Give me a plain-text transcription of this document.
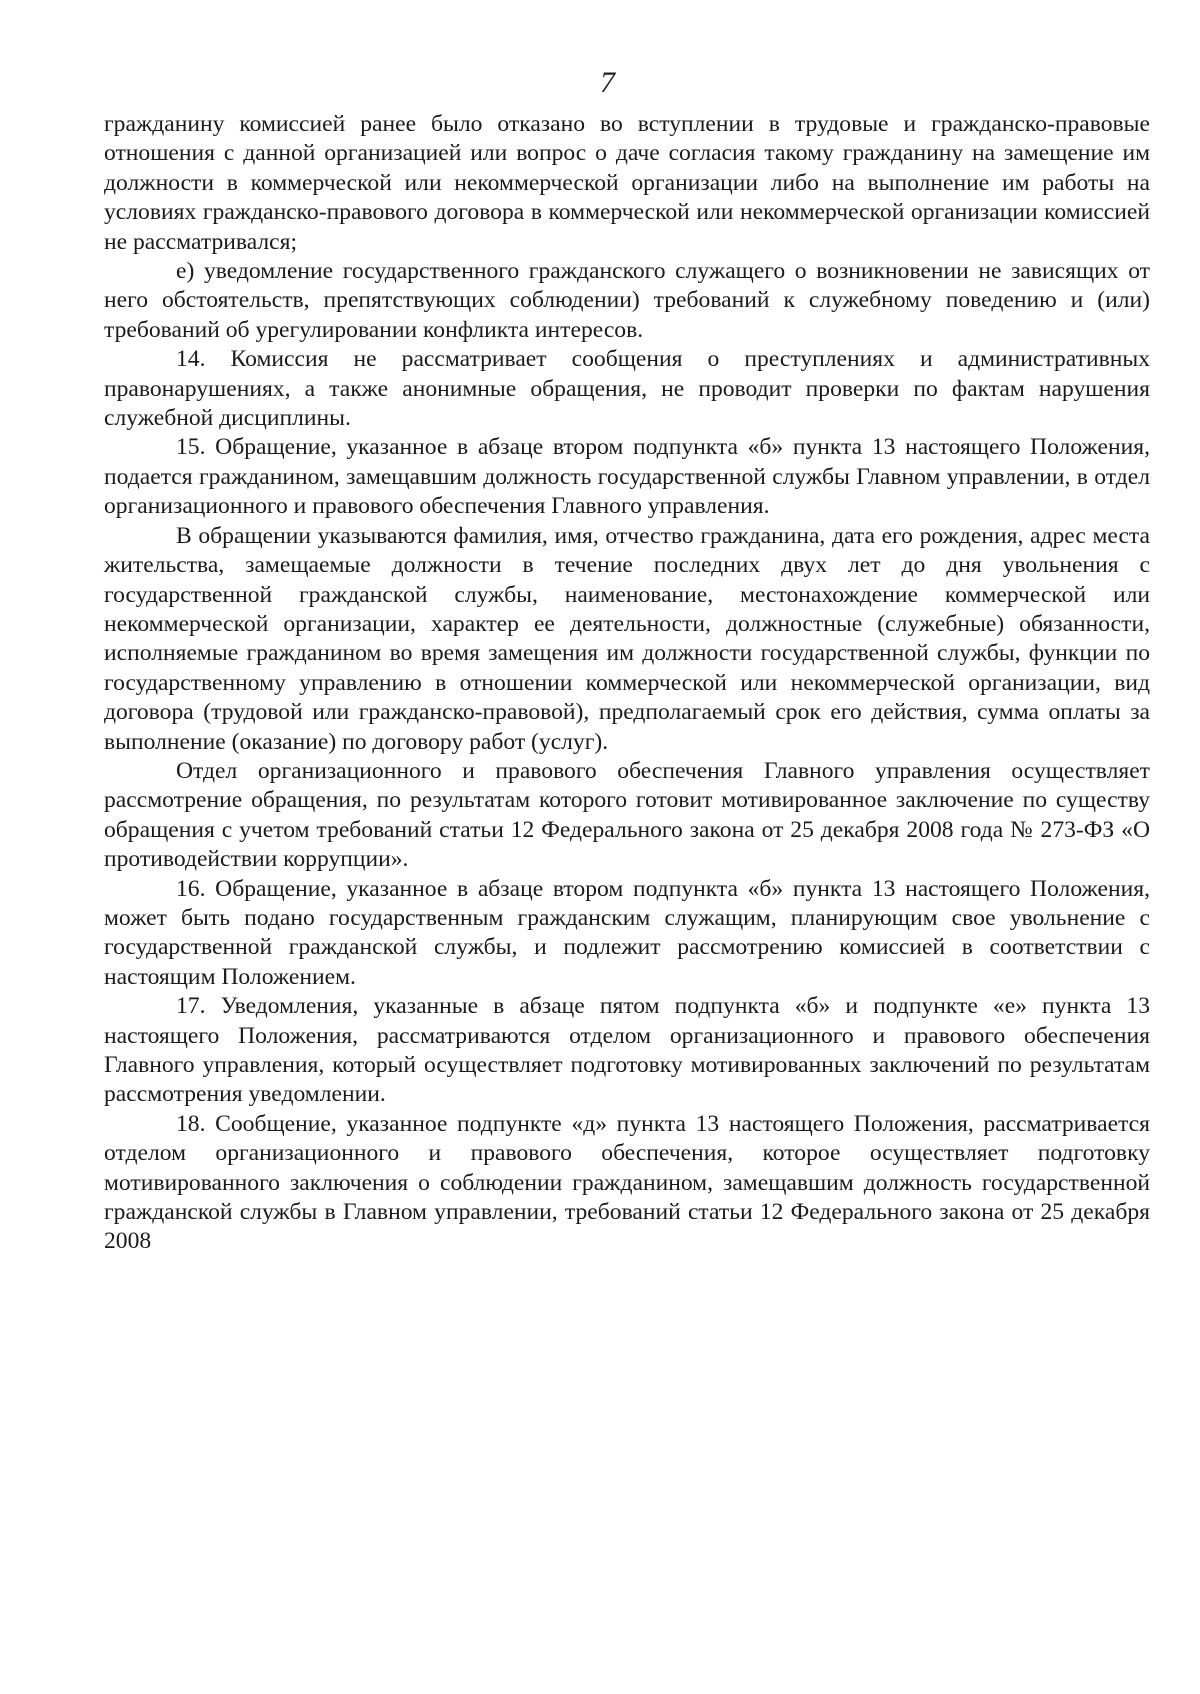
7

гражданину комиссией ранее было отказано во вступлении в трудовые и гражданско-правовые отношения с данной организацией или вопрос о даче согласия такому гражданину на замещение им должности в коммерческой или некоммерческой организации либо на выполнение им работы на условиях гражданско-правового договора в коммерческой или некоммерческой организации комиссией не рассматривался;

е) уведомление государственного гражданского служащего о возникновении не зависящих от него обстоятельств, препятствующих соблюдении) требований к служебному поведению и (или) требований об урегулировании конфликта интересов.

14. Комиссия не рассматривает сообщения о преступлениях и административных правонарушениях, а также анонимные обращения, не проводит проверки по фактам нарушения служебной дисциплины.

15. Обращение, указанное в абзаце втором подпункта «б» пункта 13 настоящего Положения, подается гражданином, замещавшим должность государственной службы Главном управлении, в отдел организационного и правового обеспечения Главного управления.

В обращении указываются фамилия, имя, отчество гражданина, дата его рождения, адрес места жительства, замещаемые должности в течение последних двух лет до дня увольнения с государственной гражданской службы, наименование, местонахождение коммерческой или некоммерческой организации, характер ее деятельности, должностные (служебные) обязанности, исполняемые гражданином во время замещения им должности государственной службы, функции по государственному управлению в отношении коммерческой или некоммерческой организации, вид договора (трудовой или гражданско-правовой), предполагаемый срок его действия, сумма оплаты за выполнение (оказание) по договору работ (услуг).

Отдел организационного и правового обеспечения Главного управления осуществляет рассмотрение обращения, по результатам которого готовит мотивированное заключение по существу обращения с учетом требований статьи 12 Федерального закона от 25 декабря 2008 года № 273-ФЗ «О противодействии коррупции».

16. Обращение, указанное в абзаце втором подпункта «б» пункта 13 настоящего Положения, может быть подано государственным гражданским служащим, планирующим свое увольнение с государственной гражданской службы, и подлежит рассмотрению комиссией в соответствии с настоящим Положением.

17. Уведомления, указанные в абзаце пятом подпункта «б» и подпункте «е» пункта 13 настоящего Положения, рассматриваются отделом организационного и правового обеспечения Главного управления, который осуществляет подготовку мотивированных заключений по результатам рассмотрения уведомлении.

18. Сообщение, указанное подпункте «д» пункта 13 настоящего Положения, рассматривается отделом организационного и правового обеспечения, которое осуществляет подготовку мотивированного заключения о соблюдении гражданином, замещавшим должность государственной гражданской службы в Главном управлении, требований статьи 12 Федерального закона от 25 декабря 2008
